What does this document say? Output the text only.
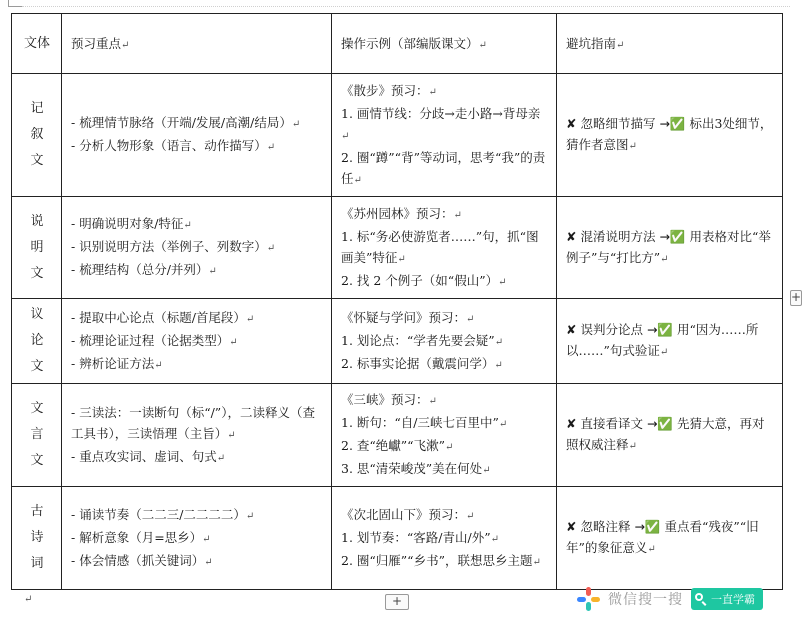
文体	预习重点↵	操作示例（部编版课文）↵	避坑指南↵

记叙文	- 梳理情节脉络（开端/发展/高潮/结局）↵
- 分析人物形象（语言、动作描写）↵	《散步》预习：↵
1. 画情节线：分歧→走小路→背母亲↵
2. 圈“蹲”“背”等动词，思考“我”的责任↵	✘ 忽略细节描写 →✅ 标出3处细节，猜作者意图↵

说明文	- 明确说明对象/特征↵
- 识别说明方法（举例子、列数字）↵
- 梳理结构（总分/并列）↵	《苏州园林》预习：↵
1. 标“务必使游览者……”句，抓“图画美”特征↵
2. 找 2 个例子（如“假山”）↵	✘ 混淆说明方法 →✅ 用表格对比“举例子”与“打比方”↵

议论文	- 提取中心论点（标题/首尾段）↵
- 梳理论证过程（论据类型）↵
- 辨析论证方法↵	《怀疑与学问》预习：↵
1. 划论点：“学者先要会疑”↵
2. 标事实论据（戴震问学）↵	✘ 误判分论点 →✅ 用“因为……所以……”句式验证↵

文言文	- 三读法：一读断句（标“/”），二读释义（查工具书），三读悟理（主旨）↵
- 重点攻实词、虚词、句式↵	《三峡》预习：↵
1. 断句：“自/三峡七百里中”↵
2. 查“绝巘”“飞漱”↵
3. 思“清荣峻茂”美在何处↵	✘ 直接看译文 →✅ 先猜大意，再对照权威注释↵

古诗词	- 诵读节奏（二二三/二二二二）↵
- 解析意象（月=思乡）↵
- 体会情感（抓关键词）↵	《次北固山下》预习：↵
1. 划节奏：“客路/青山/外”↵
2. 圈“归雁”“乡书”，联想思乡主题↵	✘ 忽略注释 →✅ 重点看“残夜”“旧年”的象征意义↵
+
↵	+	微信搜一搜	一直学霸
